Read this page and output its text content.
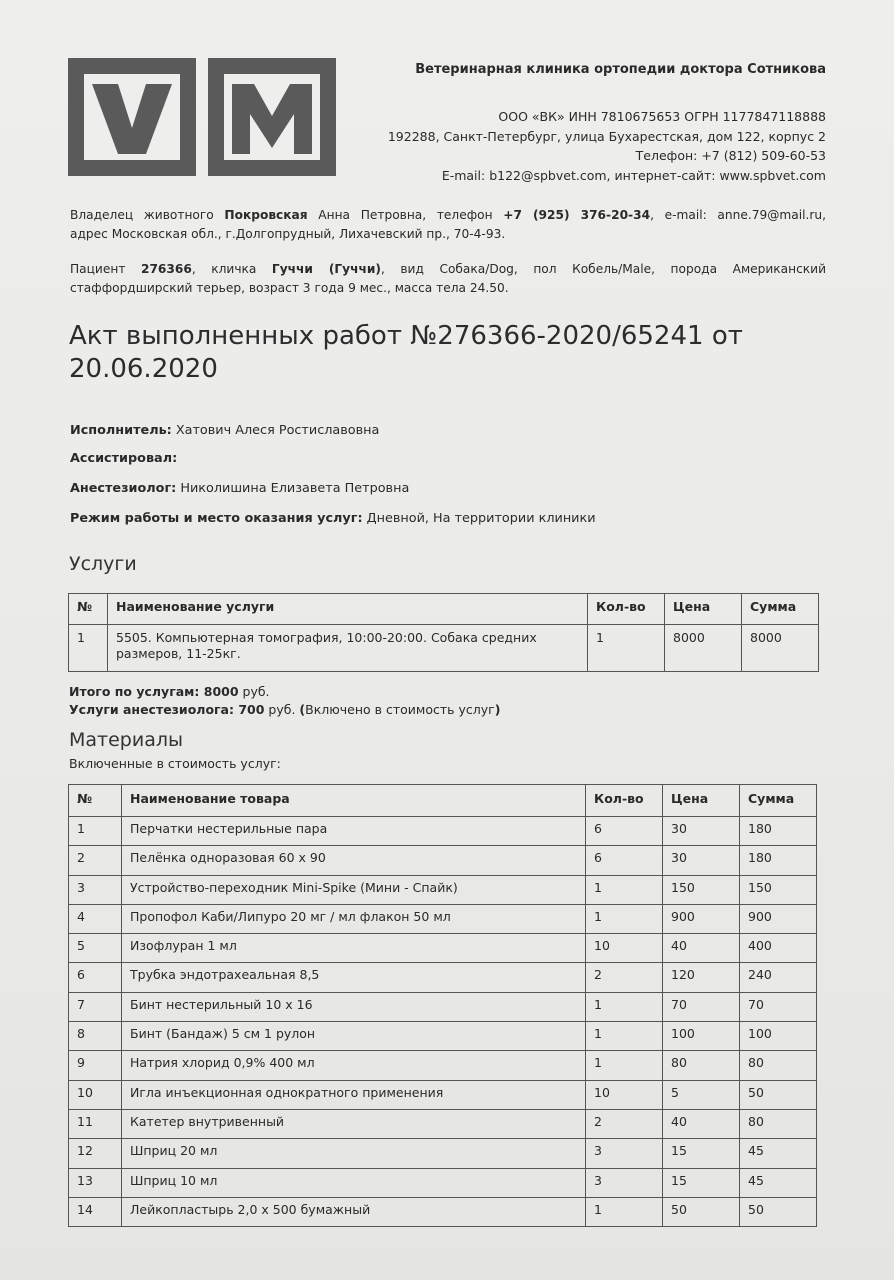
Ветеринарная клиника ортопедии доктора Сотникова
ООО «ВК» ИНН 7810675653 ОГРН 1177847118888
192288, Санкт-Петербург, улица Бухарестская, дом 122, корпус 2
Телефон: +7 (812) 509-60-53
E-mail: b122@spbvet.com, интернет-сайт: www.spbvet.com
Владелец животного Покровская Анна Петровна, телефон +7 (925) 376-20-34, e-mail: anne.79@mail.ru,
адрес Московская обл., г.Долгопрудный, Лихачевский пр., 70-4-93.
Пациент 276366, кличка Гуччи (Гуччи), вид Собака/Dog, пол Кобель/Male, порода Американский
стаффордширский терьер, возраст 3 года 9 мес., масса тела 24.50.
Акт выполненных работ №276366-2020/65241 от
20.06.2020
Исполнитель: Хатович Алеся Ростиславовна
Ассистировал:
Анестезиолог: Николишина Елизавета Петровна
Режим работы и место оказания услуг: Дневной, На территории клиники
Услуги
№	Наименование услуги	Кол-во	Цена	Сумма
1	5505. Компьютерная томография, 10:00-20:00. Собака средних размеров, 11-25кг.	1	8000	8000
Итого по услугам: 8000 руб.
Услуги анестезиолога: 700 руб. (Включено в стоимость услуг)
Материалы
Включенные в стоимость услуг:
№	Наименование товара	Кол-во	Цена	Сумма
1	Перчатки нестерильные пара	6	30	180
2	Пелёнка одноразовая 60 х 90	6	30	180
3	Устройство-переходник Mini-Spike (Мини - Спайк)	1	150	150
4	Пропофол Каби/Липуро 20 мг / мл флакон 50 мл	1	900	900
5	Изофлуран 1 мл	10	40	400
6	Трубка эндотрахеальная 8,5	2	120	240
7	Бинт нестерильный 10 х 16	1	70	70
8	Бинт (Бандаж) 5 см 1 рулон	1	100	100
9	Натрия хлорид 0,9% 400 мл	1	80	80
10	Игла инъекционная однократного применения	10	5	50
11	Катетер внутривенный	2	40	80
12	Шприц 20 мл	3	15	45
13	Шприц 10 мл	3	15	45
14	Лейкопластырь 2,0 х 500 бумажный	1	50	50
